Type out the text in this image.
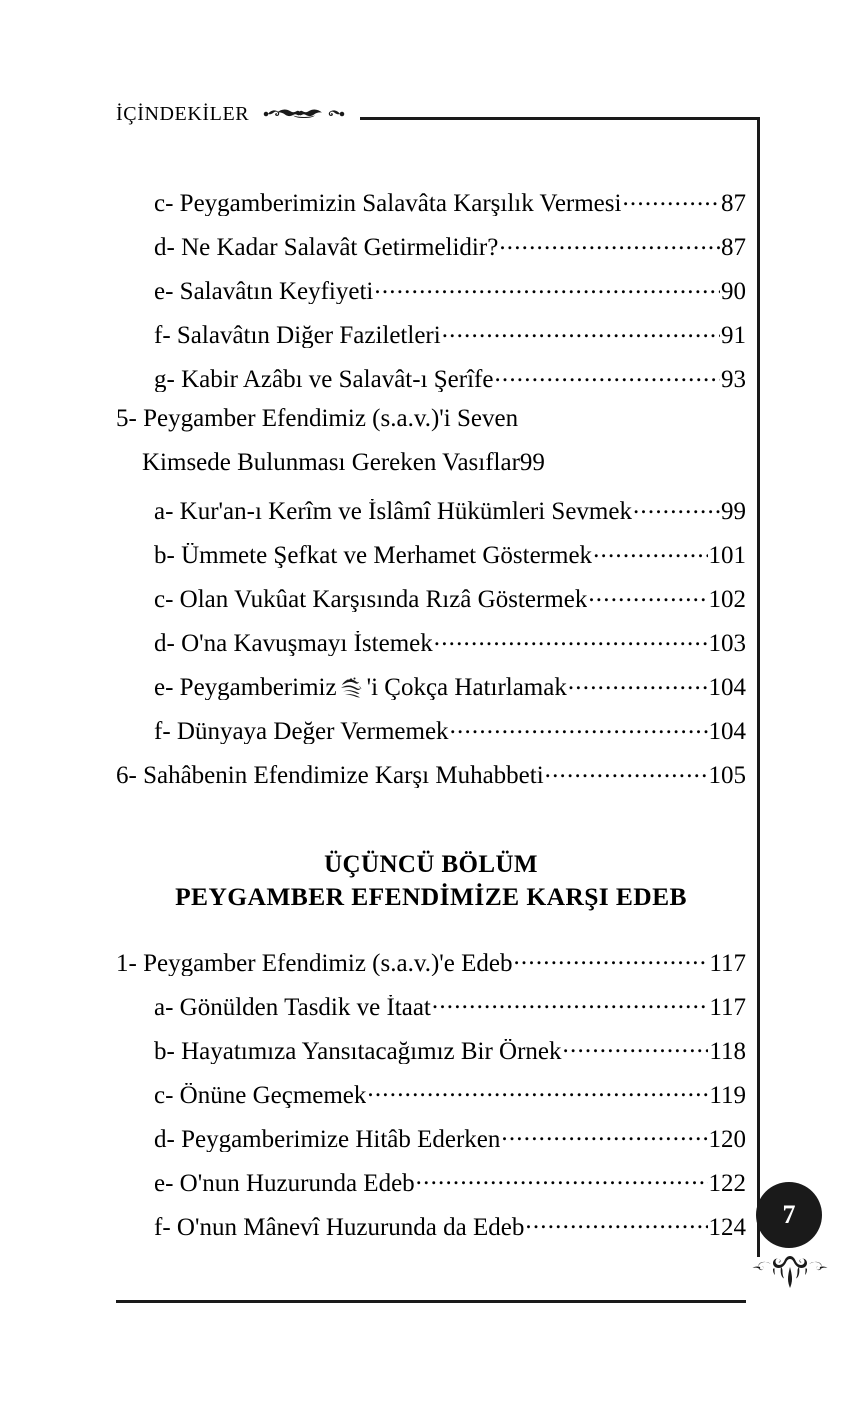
İÇİNDEKİLER
c- Peygamberimizin Salavâta Karşılık Vermesi .....	87
d- Ne Kadar Salavât Getirmelidir? .....	87
e- Salavâtın Keyfiyeti .....	90
f- Salavâtın Diğer Faziletleri .....	91
g- Kabir Azâbı ve Salavât-ı Şerîfe .....	93
5- Peygamber Efendimiz (s.a.v.)'i Seven
Kimsede Bulunması Gereken Vasıflar 99
a- Kur'an-ı Kerîm ve İslâmî Hükümleri Sevmek .....	99
b- Ümmete Şefkat ve Merhamet Göstermek .....	101
c- Olan Vukûat Karşısında Rızâ Göstermek .....	102
d- O'na Kavuşmayı İstemek .....	103
e- Peygamberimiz 'i Çokça Hatırlamak .....	104
f- Dünyaya Değer Vermemek .....	104
6- Sahâbenin Efendimize Karşı Muhabbeti .....	105
ÜÇÜNCÜ BÖLÜM
PEYGAMBER EFENDİMİZE KARŞI EDEB
1- Peygamber Efendimiz (s.a.v.)'e Edeb .....	117
a- Gönülden Tasdik ve İtaat .....	117
b- Hayatımıza Yansıtacağımız Bir Örnek .....	118
c- Önüne Geçmemek .....	119
d- Peygamberimize Hitâb Ederken .....	120
e- O'nun Huzurunda Edeb .....	122
f- O'nun Mânevî Huzurunda da Edeb .....	124 7
